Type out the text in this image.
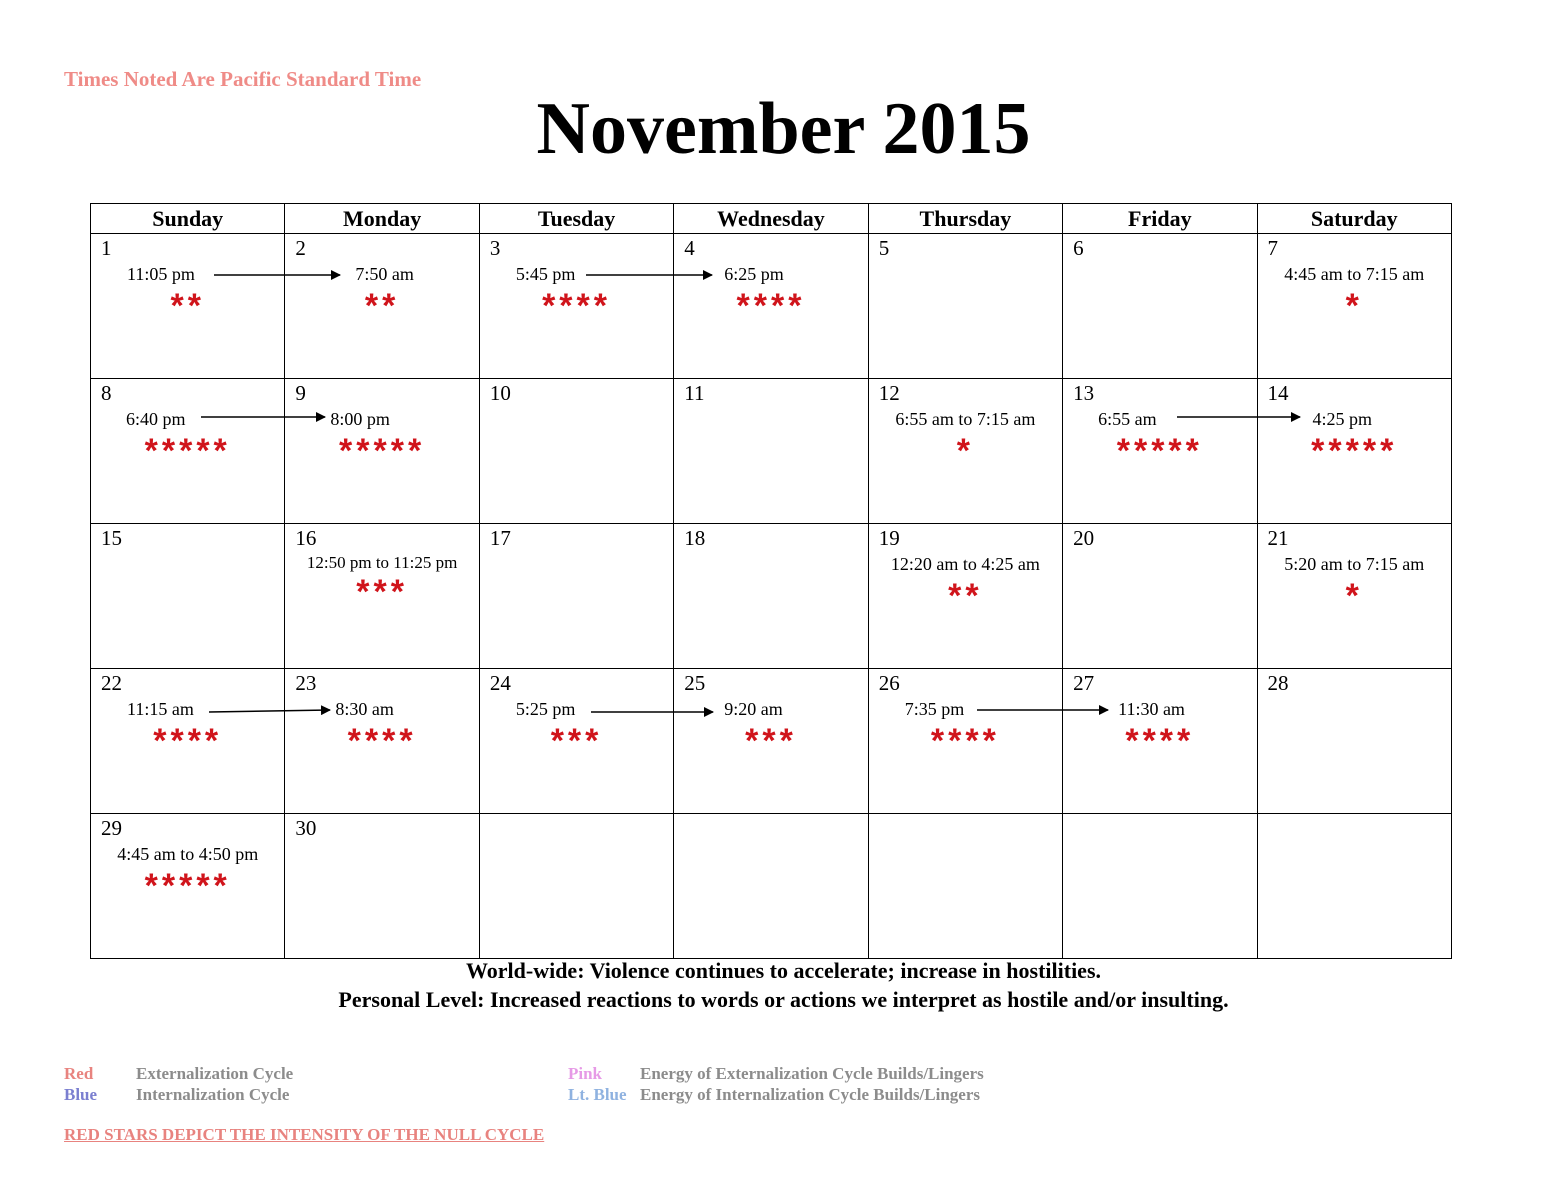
Times Noted Are Pacific Standard Time
November 2015
Sunday	Monday	Tuesday	Wednesday	Thursday	Friday	Saturday

1
11:05 pm
**	2
7:50 am
**	3
5:45 pm
****	4
6:25 pm
****	5	6	7
4:45 am to 7:15 am
*

8
6:40 pm
*****	9
8:00 pm
*****	10	11	12
6:55 am to 7:15 am
*	13
6:55 am
*****	14
4:25 pm
*****

15	16
12:50 pm to 11:25 pm
***	17	18	19
12:20 am to 4:25 am
**	20	21
5:20 am to 7:15 am
*

22
11:15 am
****	23
8:30 am
****	24
5:25 pm
***	25
9:20 am
***	26
7:35 pm
****	27
11:30 am
****	28

29
4:45 am to 4:50 pm
*****	30					

World-wide: Violence continues to accelerate; increase in hostilities.
Personal Level: Increased reactions to words or actions we interpret as hostile and/or insulting.
Red	Externalization Cycle
Blue Internalization Cycle
Pink Energy of Externalization Cycle Builds/Lingers
Lt. Blue Energy of Internalization Cycle Builds/Lingers
RED STARS DEPICT THE INTENSITY OF THE NULL CYCLE
